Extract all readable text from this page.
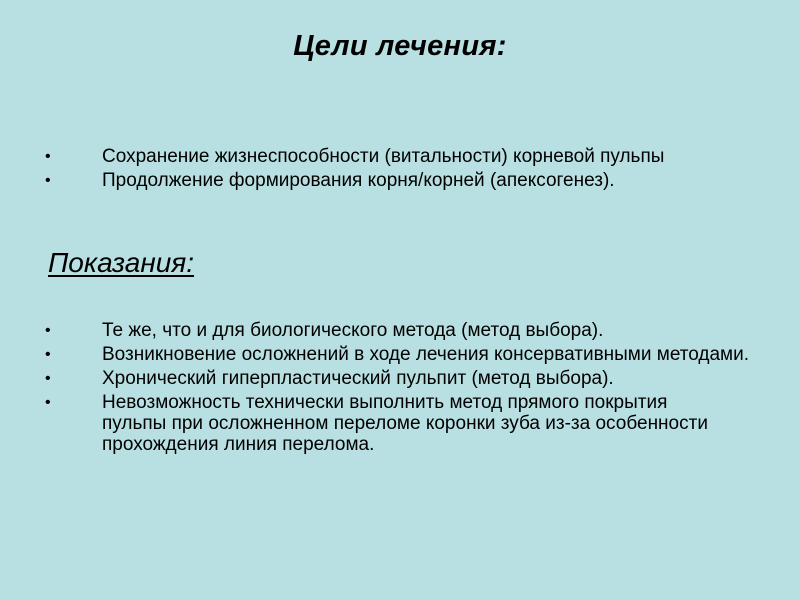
Цели лечения:
•	Сохранение жизнеспособности (витальности) корневой пульпы
•	Продолжение формирования корня/корней (апексогенез).
Показания:
•	Те же, что и для биологического метода (метод выбора).
•	Возникновение осложнений в ходе лечения консервативными методами.
•	Хронический гиперпластический пульпит (метод выбора).
•	Невозможность технически выполнить метод прямого покрытия пульпы при осложненном переломе коронки зуба из-за особенности прохождения линия перелома.
